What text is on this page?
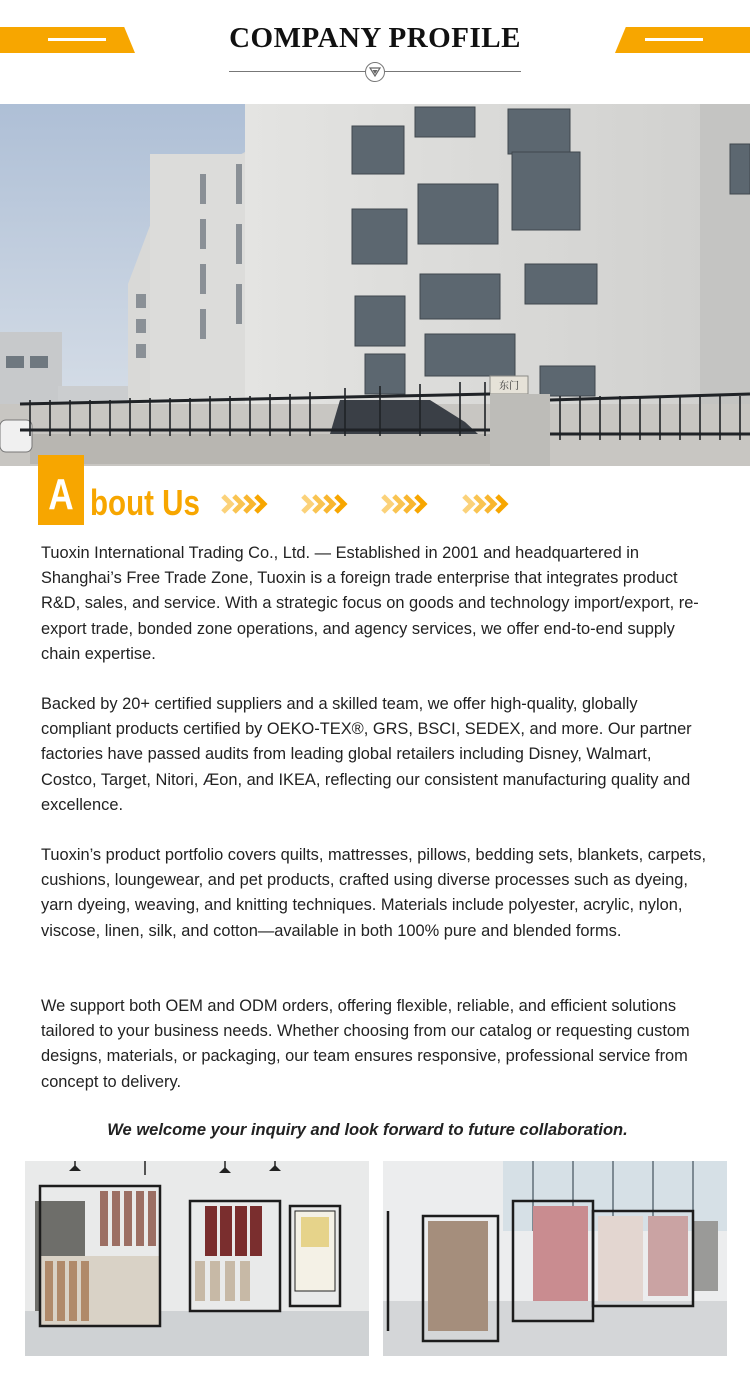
COMPANY PROFILE
东门
A bout Us

Tuoxin International Trading Co., Ltd. — Established in 2001 and headquartered in Shanghai’s Free Trade Zone, Tuoxin is a foreign trade enterprise that integrates product R&D, sales, and service. With a strategic focus on goods and technology import/export, re-export trade, bonded zone operations, and agency services, we offer end-to-end supply chain expertise.

Backed by 20+ certified suppliers and a skilled team, we offer high-quality, globally compliant products certified by OEKO-TEX®, GRS, BSCI, SEDEX, and more. Our partner factories have passed audits from leading global retailers including Disney, Walmart, Costco, Target, Nitori, Æon, and IKEA, reflecting our consistent manufacturing quality and excellence.

Tuoxin’s product portfolio covers quilts, mattresses, pillows, bedding sets, blankets, carpets, cushions, loungewear, and pet products, crafted using diverse processes such as dyeing, yarn dyeing, weaving, and knitting techniques. Materials include polyester, acrylic, nylon, viscose, linen, silk, and cotton—available in both 100% pure and blended forms.

We support both OEM and ODM orders, offering flexible, reliable, and efficient solutions tailored to your business needs. Whether choosing from our catalog or requesting custom designs, materials, or packaging, our team ensures responsive, professional service from concept to delivery.

We welcome your inquiry and look forward to future collaboration.
